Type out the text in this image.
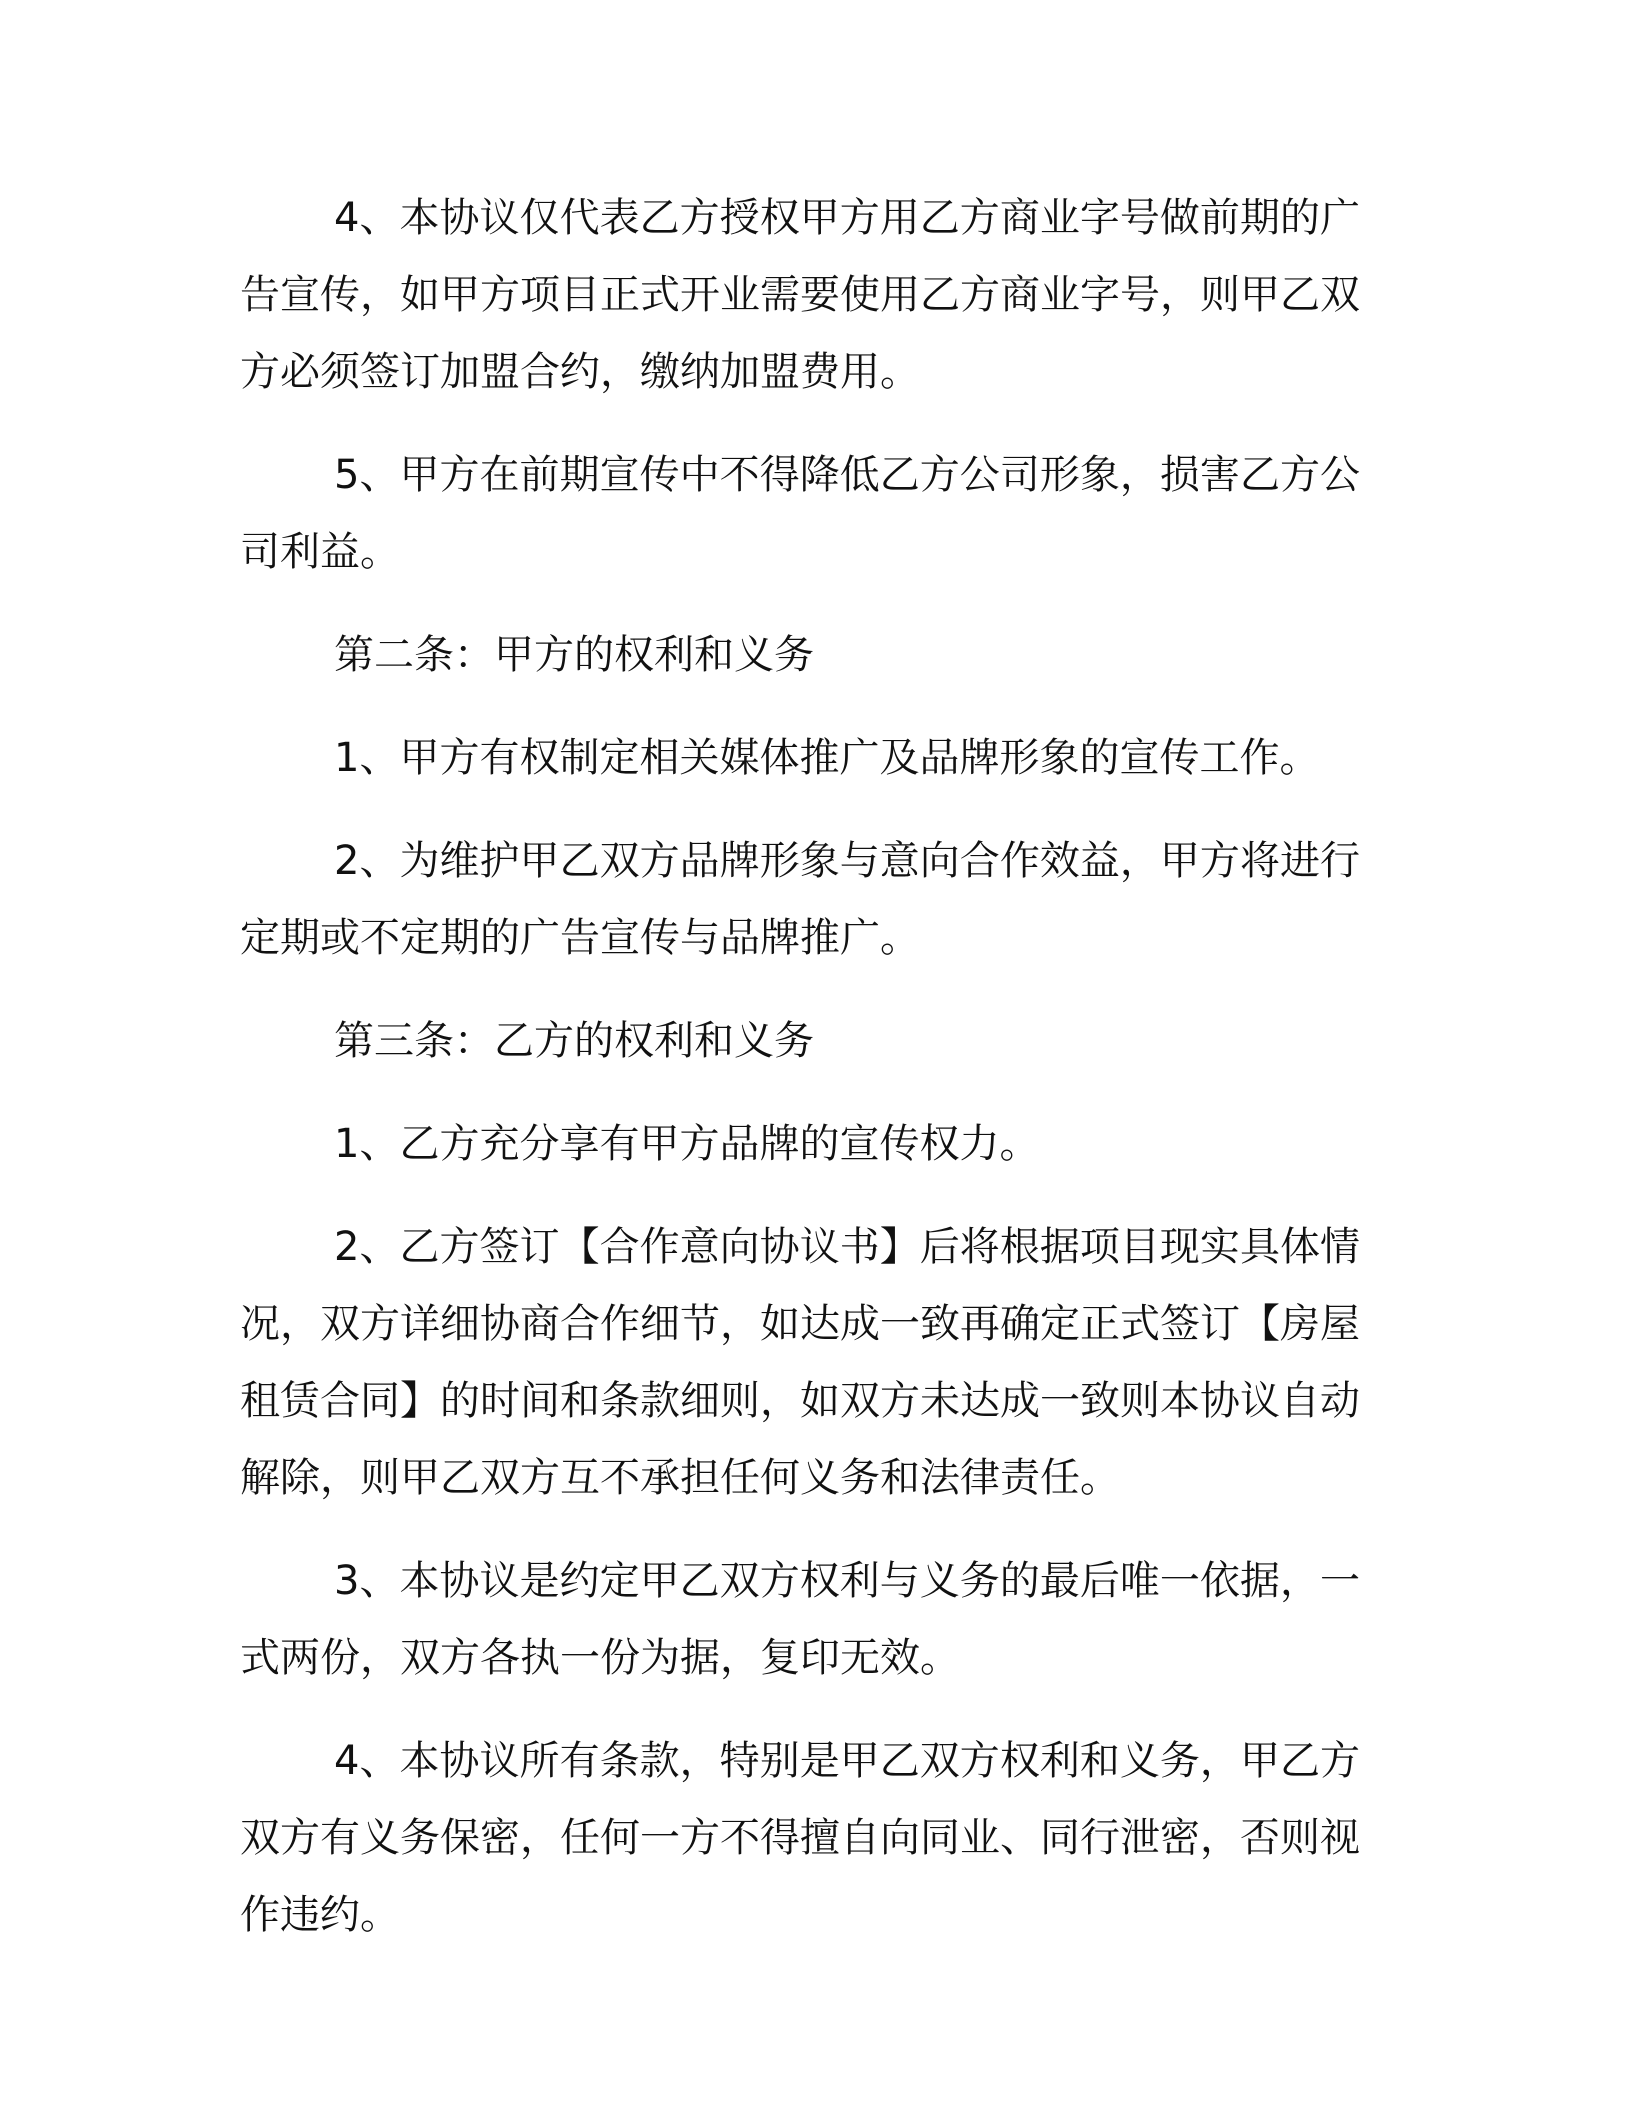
4、本协议仅代表乙方授权甲方用乙方商业字号做前期的广告宣传，如甲方项目正式开业需要使用乙方商业字号，则甲乙双方必须签订加盟合约，缴纳加盟费用。

5、甲方在前期宣传中不得降低乙方公司形象，损害乙方公司利益。

第二条：甲方的权利和义务

1、甲方有权制定相关媒体推广及品牌形象的宣传工作。

2、为维护甲乙双方品牌形象与意向合作效益，甲方将进行定期或不定期的广告宣传与品牌推广。

第三条：乙方的权利和义务

1、乙方充分享有甲方品牌的宣传权力。

2、乙方签订【合作意向协议书】后将根据项目现实具体情况，双方详细协商合作细节，如达成一致再确定正式签订【房屋租赁合同】的时间和条款细则，如双方未达成一致则本协议自动解除，则甲乙双方互不承担任何义务和法律责任。

3、本协议是约定甲乙双方权利与义务的最后唯一依据，一式两份，双方各执一份为据，复印无效。

4、本协议所有条款，特别是甲乙双方权利和义务，甲乙方双方有义务保密，任何一方不得擅自向同业、同行泄密，否则视作违约。
